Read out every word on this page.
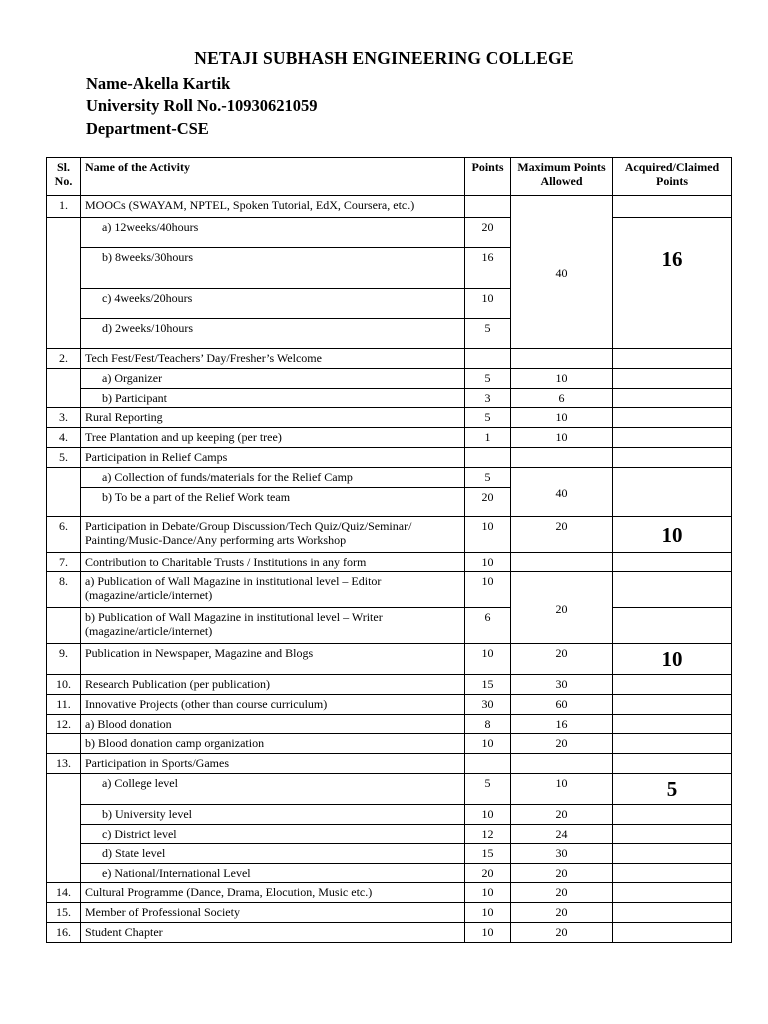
NETAJI SUBHASH ENGINEERING COLLEGE
Name-Akella Kartik
University Roll No.-10930621059
Department-CSE
Sl. No.	Name of the Activity	Points	Maximum Points Allowed	Acquired/Claimed Points
1.	MOOCs (SWAYAM, NPTEL, Spoken Tutorial, EdX, Coursera, etc.)		40	
	a) 12weeks/40hours	20		16
	b) 8weeks/30hours	16		
	c) 4weeks/20hours	10		
	d) 2weeks/10hours	5		
2.	Tech Fest/Fest/Teachers’ Day/Fresher’s Welcome			
	a) Organizer	5	10	
	b) Participant	3	6	
3.	Rural Reporting	5	10	
4.	Tree Plantation and up keeping (per tree)	1	10	
5.	Participation in Relief Camps			
	a) Collection of funds/materials for the Relief Camp	5	40	
	b) To be a part of the Relief Work team	20		
6.	Participation in Debate/Group Discussion/Tech Quiz/Quiz/Seminar/ Painting/Music-Dance/Any performing arts Workshop	10	20	10
7.	Contribution to Charitable Trusts / Institutions in any form	10		
8.	a) Publication of Wall Magazine in institutional level – Editor (magazine/article/internet)	10	20	
	b) Publication of Wall Magazine in institutional level – Writer (magazine/article/internet)	6		
9.	Publication in Newspaper, Magazine and Blogs	10	20	10
10.	Research Publication (per publication)	15	30	
11.	Innovative Projects (other than course curriculum)	30	60	
12.	a) Blood donation	8	16	
	b) Blood donation camp organization	10	20	
13.	Participation in Sports/Games			
	a) College level	5	10	5
	b) University level	10	20	
	c) District level	12	24	
	d) State level	15	30	
	e) National/International Level	20	20	
14.	Cultural Programme (Dance, Drama, Elocution, Music etc.)	10	20	
15.	Member of Professional Society	10	20	
16.	Student Chapter	10	20	
